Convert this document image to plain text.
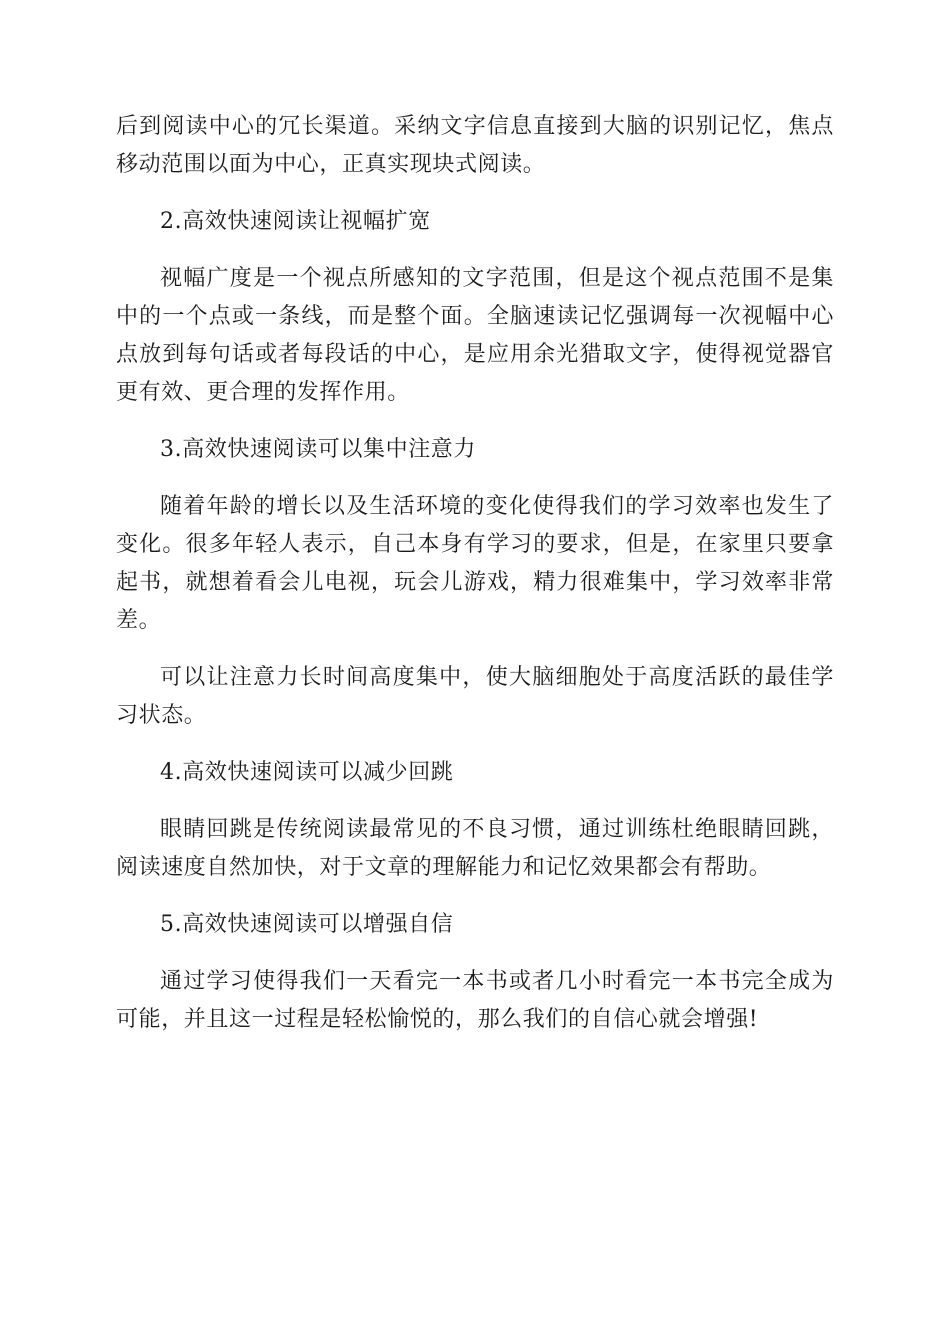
后到阅读中心的冗长渠道。采纳文字信息直接到大脑的识别记忆，焦点移动范围以面为中心，正真实现块式阅读。

2.高效快速阅读让视幅扩宽

视幅广度是一个视点所感知的文字范围，但是这个视点范围不是集中的一个点或一条线，而是整个面。全脑速读记忆强调每一次视幅中心点放到每句话或者每段话的中心，是应用余光猎取文字，使得视觉器官更有效、更合理的发挥作用。

3.高效快速阅读可以集中注意力

随着年龄的增长以及生活环境的变化使得我们的学习效率也发生了变化。很多年轻人表示，自己本身有学习的要求，但是，在家里只要拿起书，就想着看会儿电视，玩会儿游戏，精力很难集中，学习效率非常差。

可以让注意力长时间高度集中，使大脑细胞处于高度活跃的最佳学习状态。

4.高效快速阅读可以减少回跳

眼睛回跳是传统阅读最常见的不良习惯，通过训练杜绝眼睛回跳，阅读速度自然加快，对于文章的理解能力和记忆效果都会有帮助。

5.高效快速阅读可以增强自信

通过学习使得我们一天看完一本书或者几小时看完一本书完全成为可能，并且这一过程是轻松愉悦的，那么我们的自信心就会增强!
